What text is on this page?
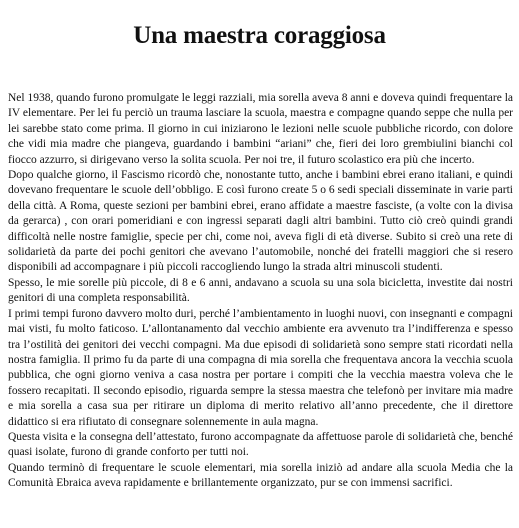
Una maestra coraggiosa

Nel 1938, quando furono promulgate le leggi razziali, mia sorella aveva 8 anni e doveva quindi frequentare la IV elementare. Per lei fu perciò un trauma lasciare la scuola, maestra e compagne quando seppe che nulla per lei sarebbe stato come prima. Il giorno in cui iniziarono le lezioni nelle scuole pubbliche ricordo, con dolore che vidi mia madre che piangeva, guardando i bambini “ariani” che, fieri dei loro grembiulini bianchi col fiocco azzurro, si dirigevano verso la solita scuola. Per noi tre, il futuro scolastico era più che incerto.

Dopo qualche giorno, il Fascismo ricordò che, nonostante tutto, anche i bambini ebrei erano italiani, e quindi dovevano frequentare le scuole dell’obbligo. E così furono create 5 o 6 sedi speciali disseminate in varie parti della città. A Roma, queste sezioni per bambini ebrei, erano affidate a maestre fasciste, (a volte con la divisa da gerarca) , con orari pomeridiani e con ingressi separati dagli altri bambini. Tutto ciò creò quindi grandi difficoltà nelle nostre famiglie, specie per chi, come noi, aveva figli di età diverse. Subito si creò una rete di solidarietà da parte dei pochi genitori che avevano l’automobile, nonché dei fratelli maggiori che si resero disponibili ad accompagnare i più piccoli raccogliendo lungo la strada altri minuscoli studenti.

Spesso, le mie sorelle più piccole, di 8 e 6 anni, andavano a scuola su una sola bicicletta, investite dai nostri genitori di una completa responsabilità.

I primi tempi furono davvero molto duri, perché l’ambientamento in luoghi nuovi, con insegnanti e compagni mai visti, fu molto faticoso. L’allontanamento dal vecchio ambiente era avvenuto tra l’indifferenza e spesso tra l’ostilità dei genitori dei vecchi compagni. Ma due episodi di solidarietà sono sempre stati ricordati nella nostra famiglia. Il primo fu da parte di una compagna di mia sorella che frequentava ancora la vecchia scuola pubblica, che ogni giorno veniva a casa nostra per portare i compiti che la vecchia maestra voleva che le fossero recapitati. Il secondo episodio, riguarda sempre la stessa maestra che telefonò per invitare mia madre e mia sorella a casa sua per ritirare un diploma di merito relativo all’anno precedente, che il direttore didattico si era rifiutato di consegnare solennemente in aula magna.

Questa visita e la consegna dell’attestato, furono accompagnate da affettuose parole di solidarietà che, benché quasi isolate, furono di grande conforto per tutti noi.

Quando terminò di frequentare le scuole elementari, mia sorella iniziò ad andare alla scuola Media che la Comunità Ebraica aveva rapidamente e brillantemente organizzato, pur se con immensi sacrifici.
